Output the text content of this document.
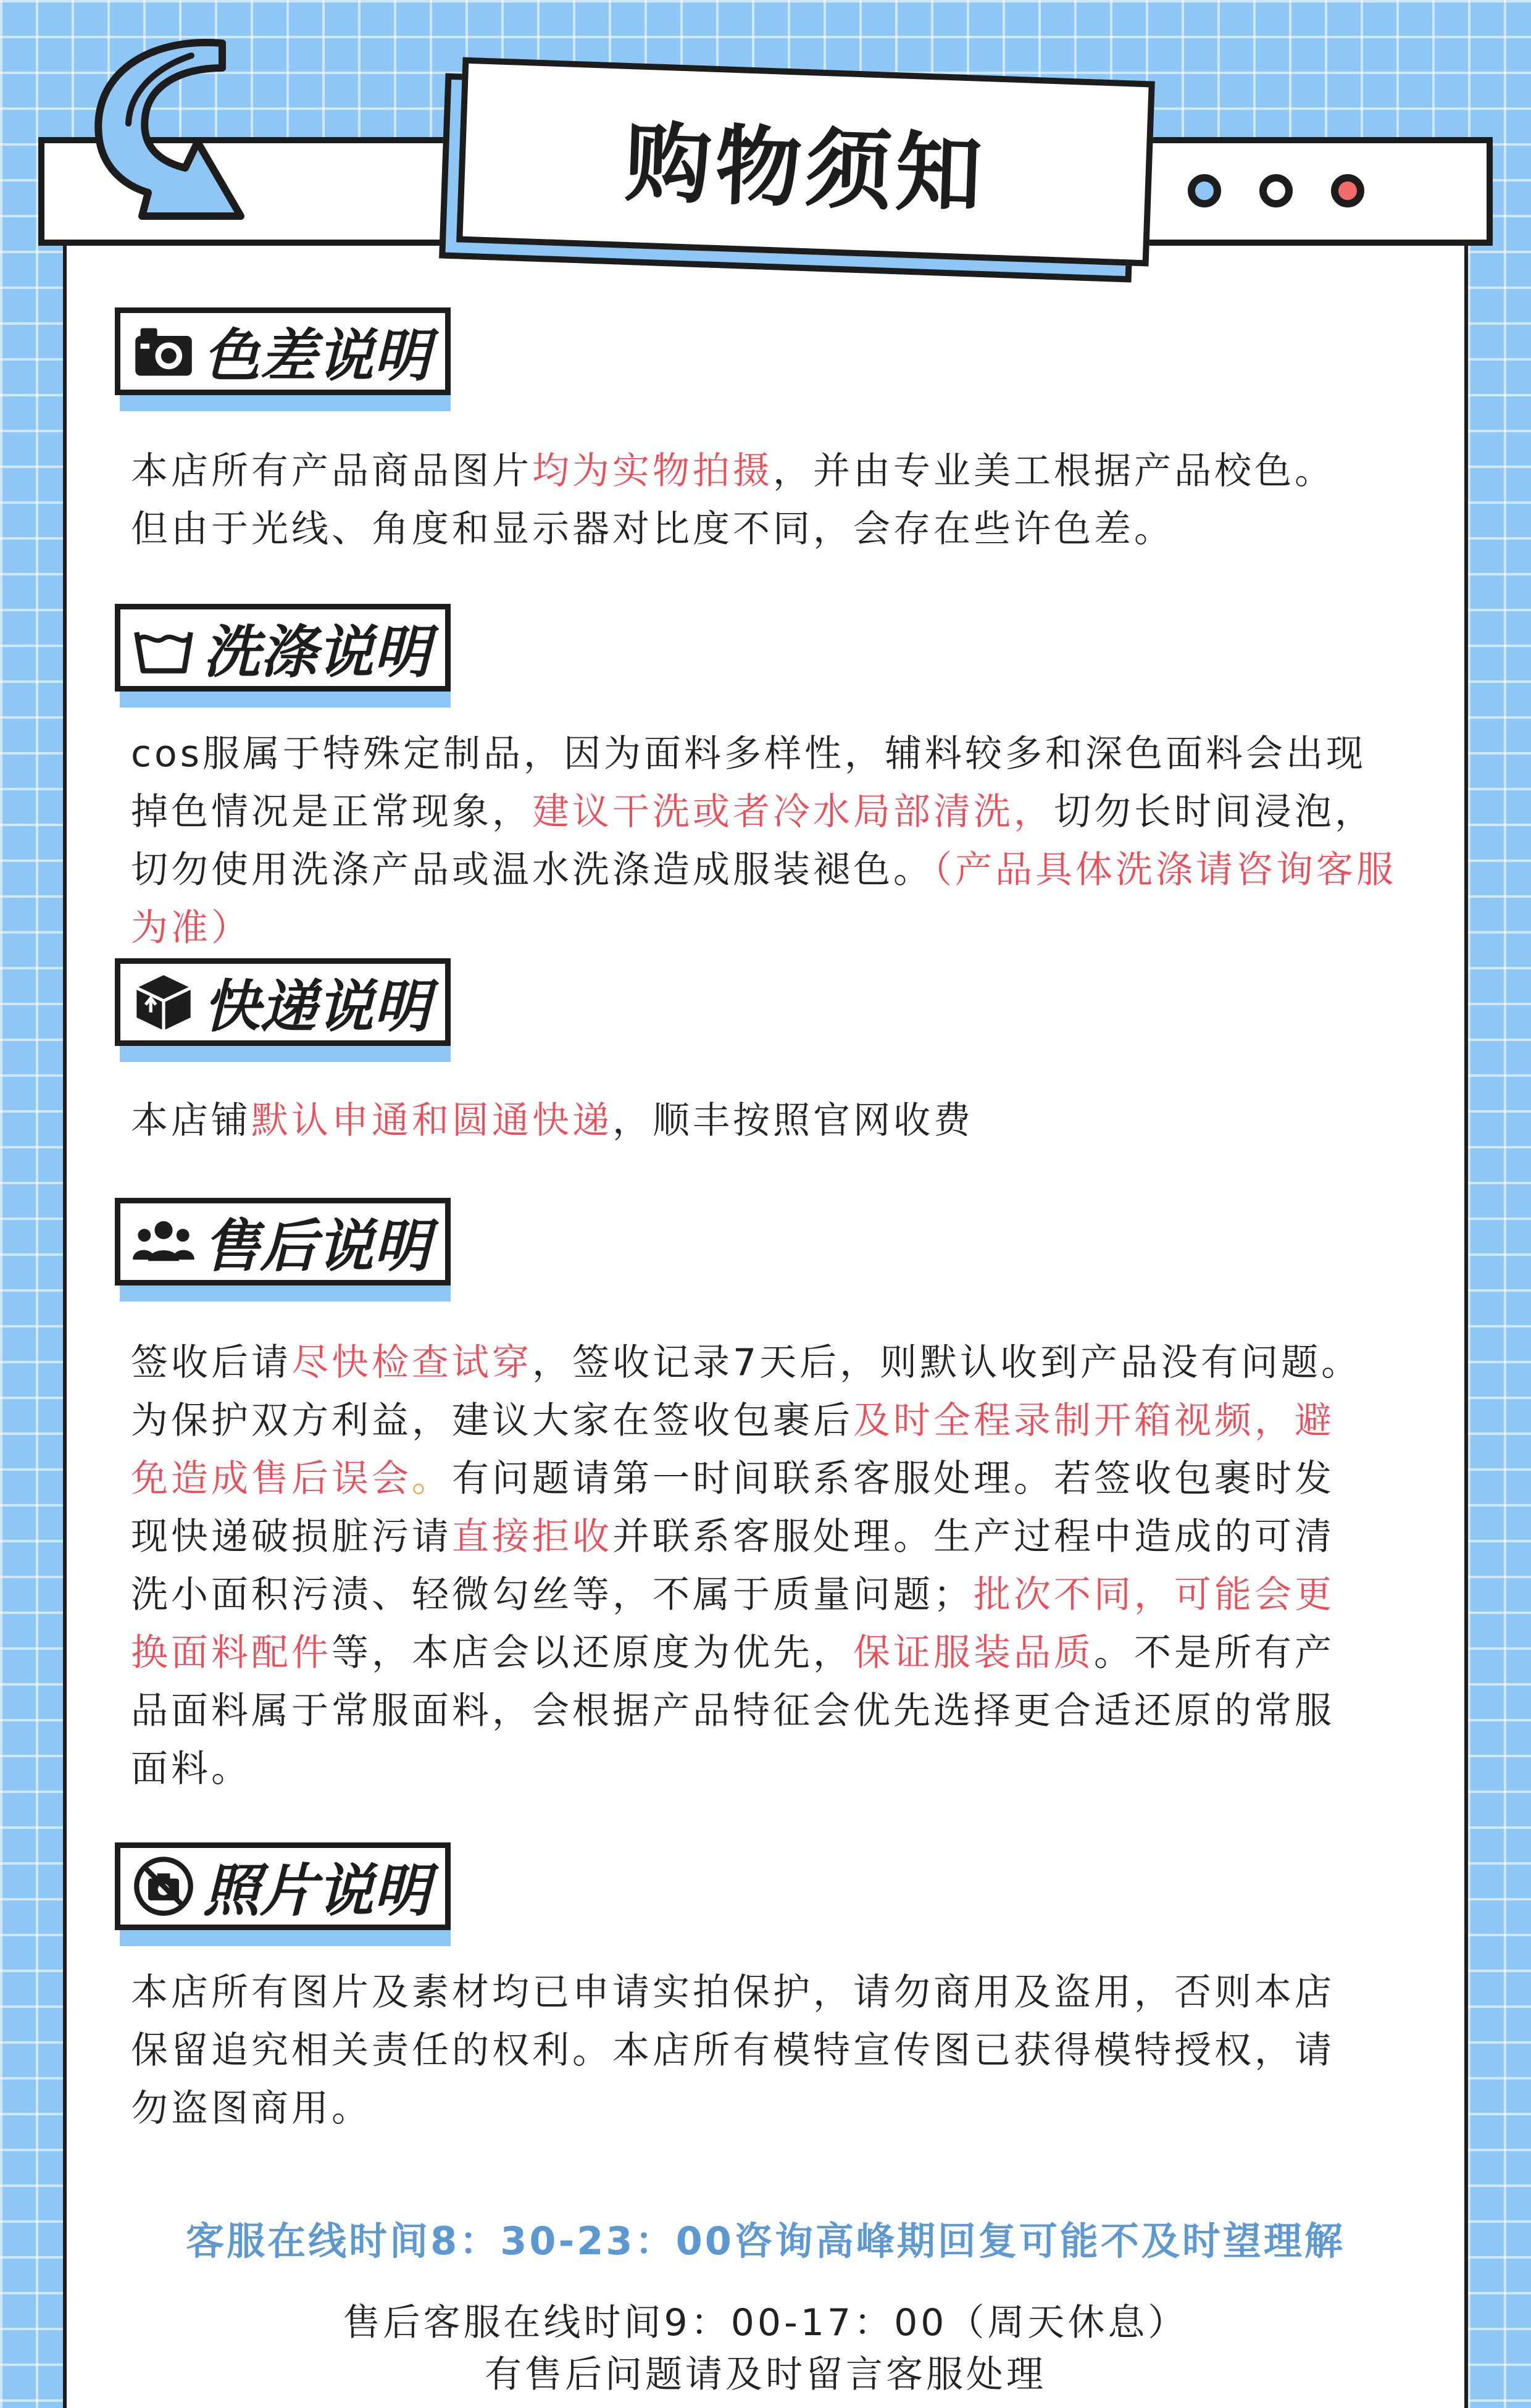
购物须知
色差说明

本店所有产品商品图片均为实物拍摄，并由专业美工根据产品校色。
但由于光线、角度和显示器对比度不同，会存在些许色差。

洗涤说明

cos服属于特殊定制品，因为面料多样性，辅料较多和深色面料会出现
掉色情况是正常现象，建议干洗或者冷水局部清洗，切勿长时间浸泡，
切勿使用洗涤产品或温水洗涤造成服装褪色。（产品具体洗涤请咨询客服
为准）

快递说明

本店铺默认申通和圆通快递，顺丰按照官网收费

售后说明

签收后请尽快检查试穿，签收记录7天后，则默认收到产品没有问题。
为保护双方利益，建议大家在签收包裹后及时全程录制开箱视频，避
免造成售后误会。有问题请第一时间联系客服处理。若签收包裹时发
现快递破损脏污请直接拒收并联系客服处理。生产过程中造成的可清
洗小面积污渍、轻微勾丝等，不属于质量问题；批次不同，可能会更
换面料配件等，本店会以还原度为优先，保证服装品质。不是所有产
品面料属于常服面料，会根据产品特征会优先选择更合适还原的常服
面料。

照片说明

本店所有图片及素材均已申请实拍保护，请勿商用及盗用，否则本店
保留追究相关责任的权利。本店所有模特宣传图已获得模特授权，请
勿盗图商用。

客服在线时间8：30-23：00咨询高峰期回复可能不及时望理解
售后客服在线时间9：00-17：00（周天休息）
有售后问题请及时留言客服处理
